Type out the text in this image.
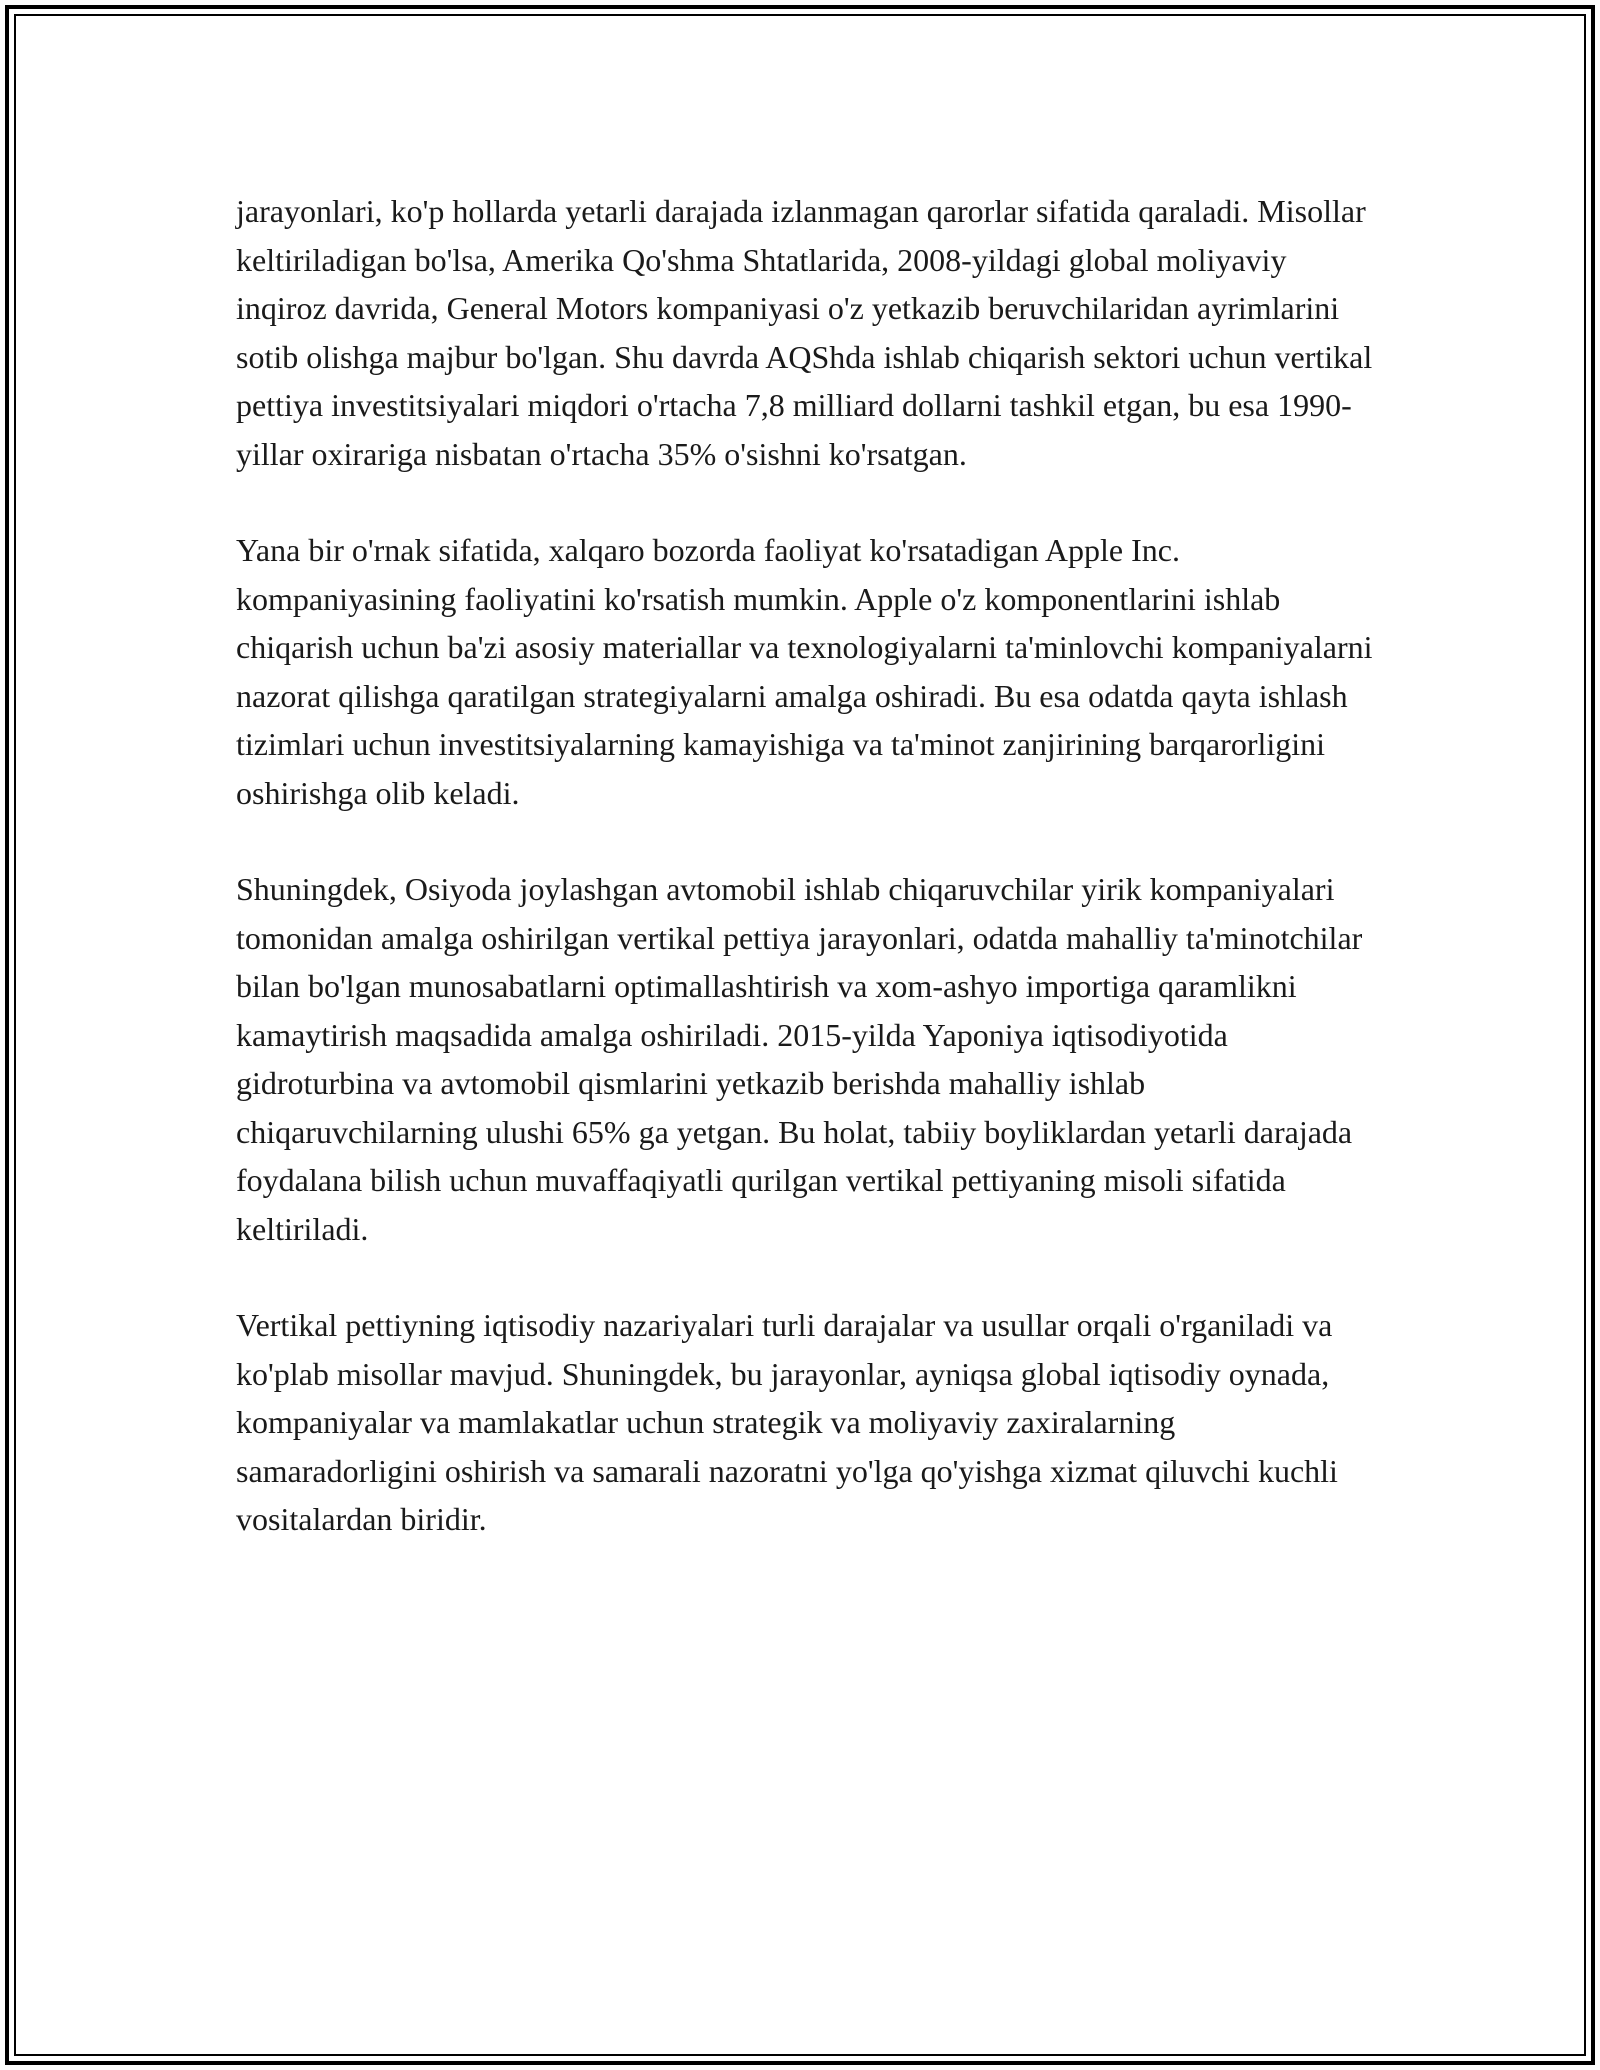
jarayonlari, ko'p hollarda yetarli darajada izlanmagan qarorlar sifatida qaraladi. Misollar keltiriladigan bo'lsa, Amerika Qo'shma Shtatlarida, 2008-yildagi global moliyaviy inqiroz davrida, General Motors kompaniyasi o'z yetkazib beruvchilaridan ayrimlarini sotib olishga majbur bo'lgan. Shu davrda AQShda ishlab chiqarish sektori uchun vertikal pettiya investitsiyalari miqdori o'rtacha 7,8 milliard dollarni tashkil etgan, bu esa 1990-yillar oxirariga nisbatan o'rtacha 35% o'sishni ko'rsatgan.

Yana bir o'rnak sifatida, xalqaro bozorda faoliyat ko'rsatadigan Apple Inc. kompaniyasining faoliyatini ko'rsatish mumkin. Apple o'z komponentlarini ishlab chiqarish uchun ba'zi asosiy materiallar va texnologiyalarni ta'minlovchi kompaniyalarni nazorat qilishga qaratilgan strategiyalarni amalga oshiradi. Bu esa odatda qayta ishlash tizimlari uchun investitsiyalarning kamayishiga va ta'minot zanjirining barqarorligini oshirishga olib keladi.

Shuningdek, Osiyoda joylashgan avtomobil ishlab chiqaruvchilar yirik kompaniyalari tomonidan amalga oshirilgan vertikal pettiya jarayonlari, odatda mahalliy ta'minotchilar bilan bo'lgan munosabatlarni optimallashtirish va xom-ashyo importiga qaramlikni kamaytirish maqsadida amalga oshiriladi. 2015-yilda Yaponiya iqtisodiyotida gidroturbina va avtomobil qismlarini yetkazib berishda mahalliy ishlab chiqaruvchilarning ulushi 65% ga yetgan. Bu holat, tabiiy boyliklardan yetarli darajada foydalana bilish uchun muvaffaqiyatli qurilgan vertikal pettiyaning misoli sifatida keltiriladi.

Vertikal pettiyning iqtisodiy nazariyalari turli darajalar va usullar orqali o'rganiladi va ko'plab misollar mavjud. Shuningdek, bu jarayonlar, ayniqsa global iqtisodiy oynada, kompaniyalar va mamlakatlar uchun strategik va moliyaviy zaxiralarning samaradorligini oshirish va samarali nazoratni yo'lga qo'yishga xizmat qiluvchi kuchli vositalardan biridir.
